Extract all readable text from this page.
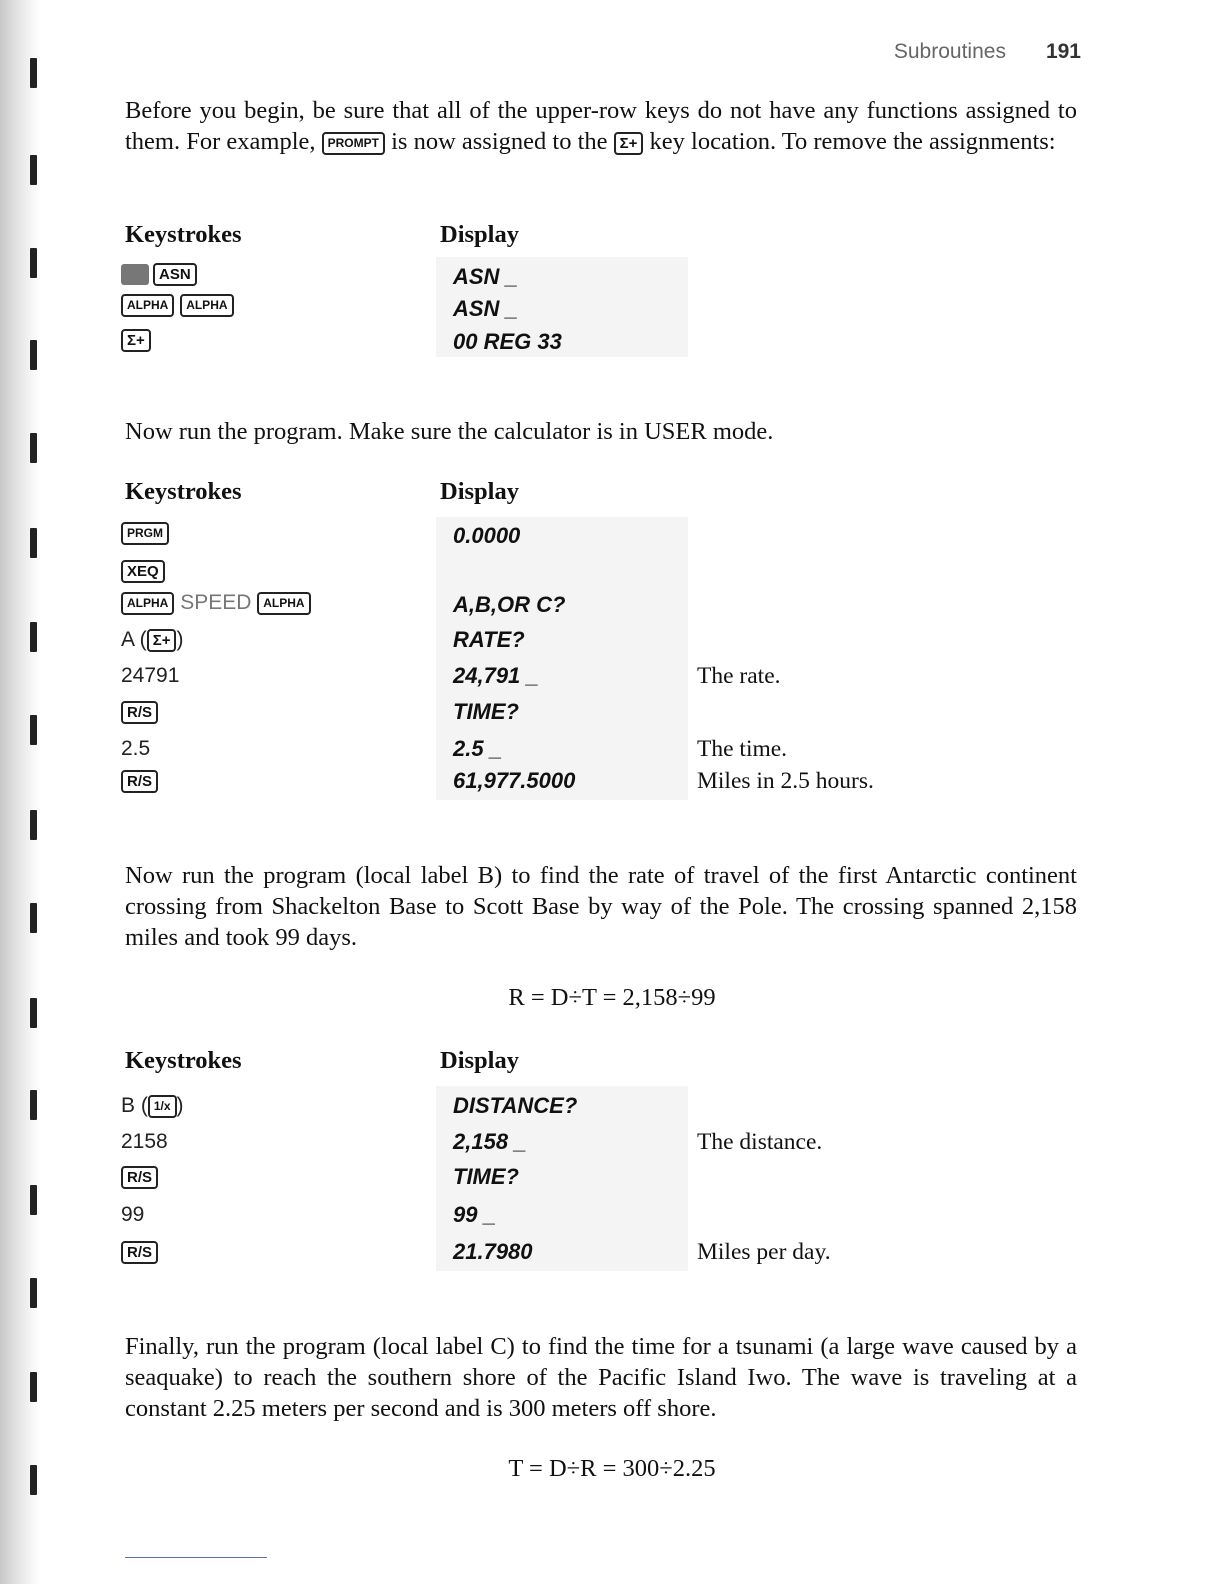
Subroutines 191

Before you begin, be sure that all of the upper-row keys do not have any functions assigned to them. For example, PROMPT is now assigned to the Σ+ key location. To remove the assignments:

Keystrokes	Display
ASN	ASN _
ALPHA ALPHA	ASN _
Σ+	00 REG 33

Now run the program. Make sure the calculator is in USER mode.

Keystrokes	Display
PRGM	0.0000
XEQ
ALPHA SPEED ALPHA	A,B,OR C?
A ( Σ+ )	RATE?
24791	24,791 _	The rate.
R/S	TIME?
2.5	2.5 _	The time.
R/S	61,977.5000	Miles in 2.5 hours.

Now run the program (local label B) to find the rate of travel of the first Antarctic continent crossing from Shackelton Base to Scott Base by way of the Pole. The crossing spanned 2,158 miles and took 99 days.

R = D÷T = 2,158÷99
Keystrokes	Display
B ( 1/x )	DISTANCE?
2158	2,158 _	The distance.
R/S	TIME?
99	99 _
R/S	21.7980	Miles per day.

Finally, run the program (local label C) to find the time for a tsunami (a large wave caused by a seaquake) to reach the southern shore of the Pacific Island Iwo. The wave is traveling at a constant 2.25 meters per second and is 300 meters off shore.

T = D÷R = 300÷2.25
